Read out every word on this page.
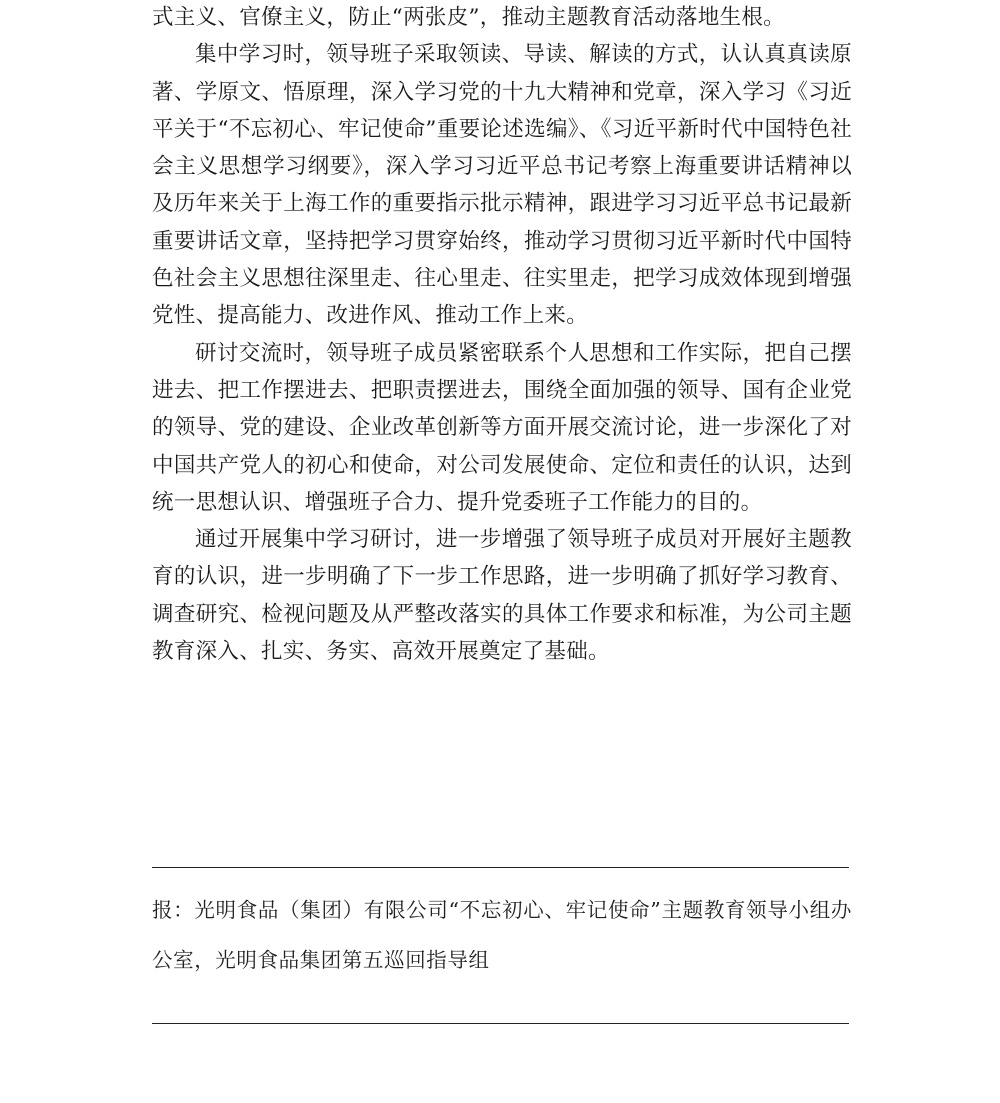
式主义、官僚主义，防止“两张皮”，推动主题教育活动落地生根。

集中学习时，领导班子采取领读、导读、解读的方式，认认真真读原著、学原文、悟原理，深入学习党的十九大精神和党章，深入学习《习近平关于“不忘初心、牢记使命”重要论述选编》、《习近平新时代中国特色社会主义思想学习纲要》，深入学习习近平总书记考察上海重要讲话精神以及历年来关于上海工作的重要指示批示精神，跟进学习习近平总书记最新重要讲话文章，坚持把学习贯穿始终，推动学习贯彻习近平新时代中国特色社会主义思想往深里走、往心里走、往实里走，把学习成效体现到增强党性、提高能力、改进作风、推动工作上来。

研讨交流时，领导班子成员紧密联系个人思想和工作实际，把自己摆进去、把工作摆进去、把职责摆进去，围绕全面加强的领导、国有企业党的领导、党的建设、企业改革创新等方面开展交流讨论，进一步深化了对中国共产党人的初心和使命，对公司发展使命、定位和责任的认识，达到统一思想认识、增强班子合力、提升党委班子工作能力的目的。

通过开展集中学习研讨，进一步增强了领导班子成员对开展好主题教育的认识，进一步明确了下一步工作思路，进一步明确了抓好学习教育、调查研究、检视问题及从严整改落实的具体工作要求和标准，为公司主题教育深入、扎实、务实、高效开展奠定了基础。

报：光明食品（集团）有限公司“不忘初心、牢记使命”主题教育领导小组办公室，光明食品集团第五巡回指导组
